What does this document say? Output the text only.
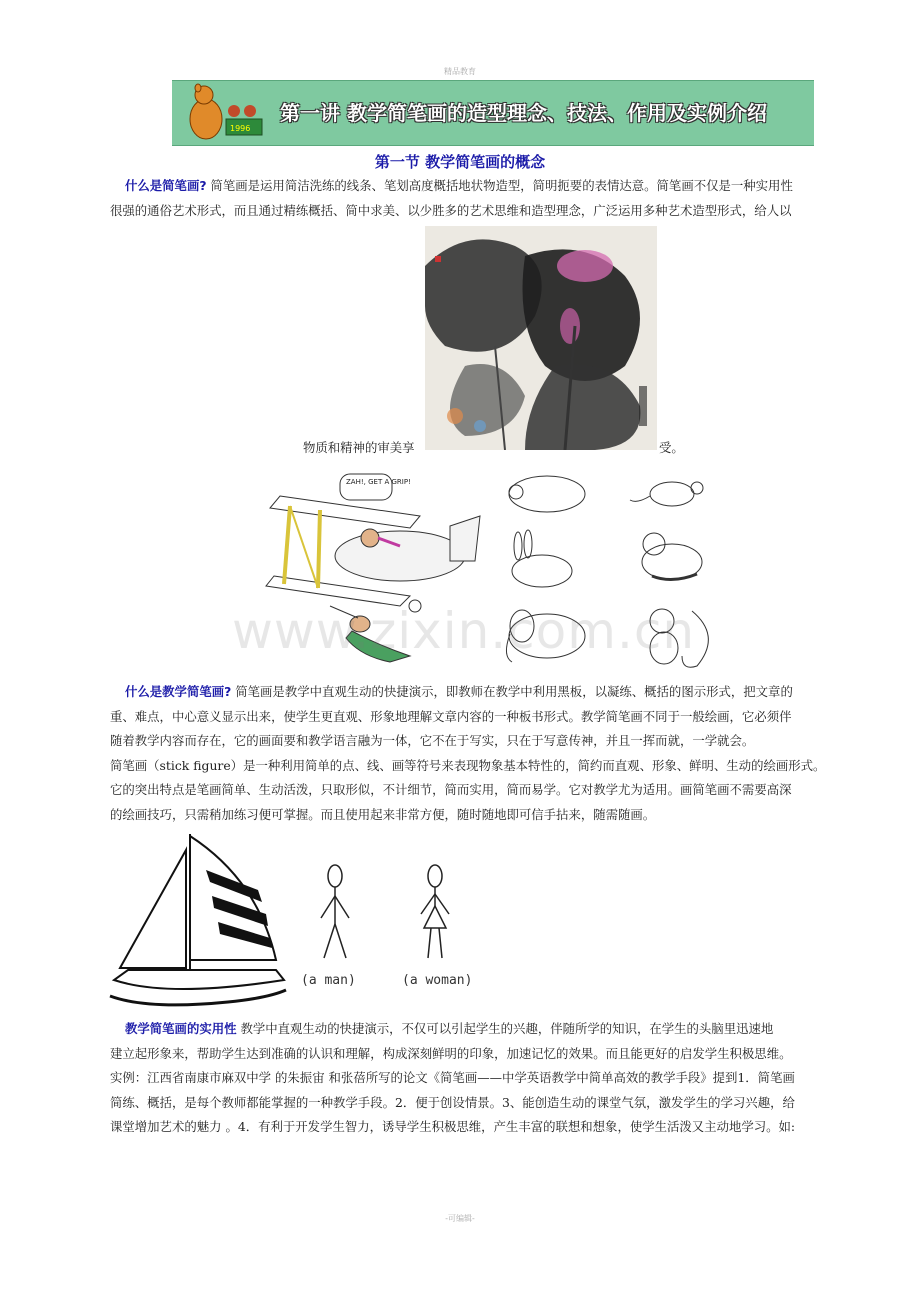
精品教育
1996
第一讲 教学简笔画的造型理念、技法、作用及实例介绍
第一节 教学简笔画的概念
什么是简笔画? 简笔画是运用简洁洗练的线条、笔划高度概括地状物造型，简明扼要的表情达意。简笔画不仅是一种实用性
很强的通俗艺术形式，而且通过精练概括、简中求美、以少胜多的艺术思维和造型理念，广泛运用多种艺术造型形式，给人以
物质和精神的审美享	受。
ZAH!, GET A GRIP!
www.zixin.com.cn
什么是教学简笔画? 简笔画是教学中直观生动的快捷演示，即教师在教学中利用黑板，以凝练、概括的图示形式，把文章的
重、难点，中心意义显示出来，使学生更直观、形象地理解文章内容的一种板书形式。教学简笔画不同于一般绘画，它必须伴
随着教学内容而存在，它的画面要和教学语言融为一体，它不在于写实，只在于写意传神，并且一挥而就，一学就会。
简笔画（stick figure）是一种利用简单的点、线、画等符号来表现物象基本特性的，简约而直观、形象、鲜明、生动的绘画形式。
它的突出特点是笔画简单、生动活泼，只取形似，不计细节，简而实用，简而易学。它对教学尤为适用。画简笔画不需要高深
的绘画技巧，只需稍加练习便可掌握。而且使用起来非常方便，随时随地即可信手拈来，随需随画。
(a man)	(a woman)
教学简笔画的实用性 教学中直观生动的快捷演示，不仅可以引起学生的兴趣，伴随所学的知识，在学生的头脑里迅速地
建立起形象来，帮助学生达到准确的认识和理解，构成深刻鲜明的印象，加速记忆的效果。而且能更好的启发学生积极思维。
实例：江西省南康市麻双中学 的朱振宙 和张蓓所写的论文《简笔画——中学英语教学中简单高效的教学手段》提到1．简笔画
简练、概括，是每个教师都能掌握的一种教学手段。2．便于创设情景。3、能创造生动的课堂气氛，激发学生的学习兴趣，给
课堂增加艺术的魅力 。4．有利于开发学生智力，诱导学生积极思维，产生丰富的联想和想象，使学生活泼又主动地学习。如:
-可编辑-
